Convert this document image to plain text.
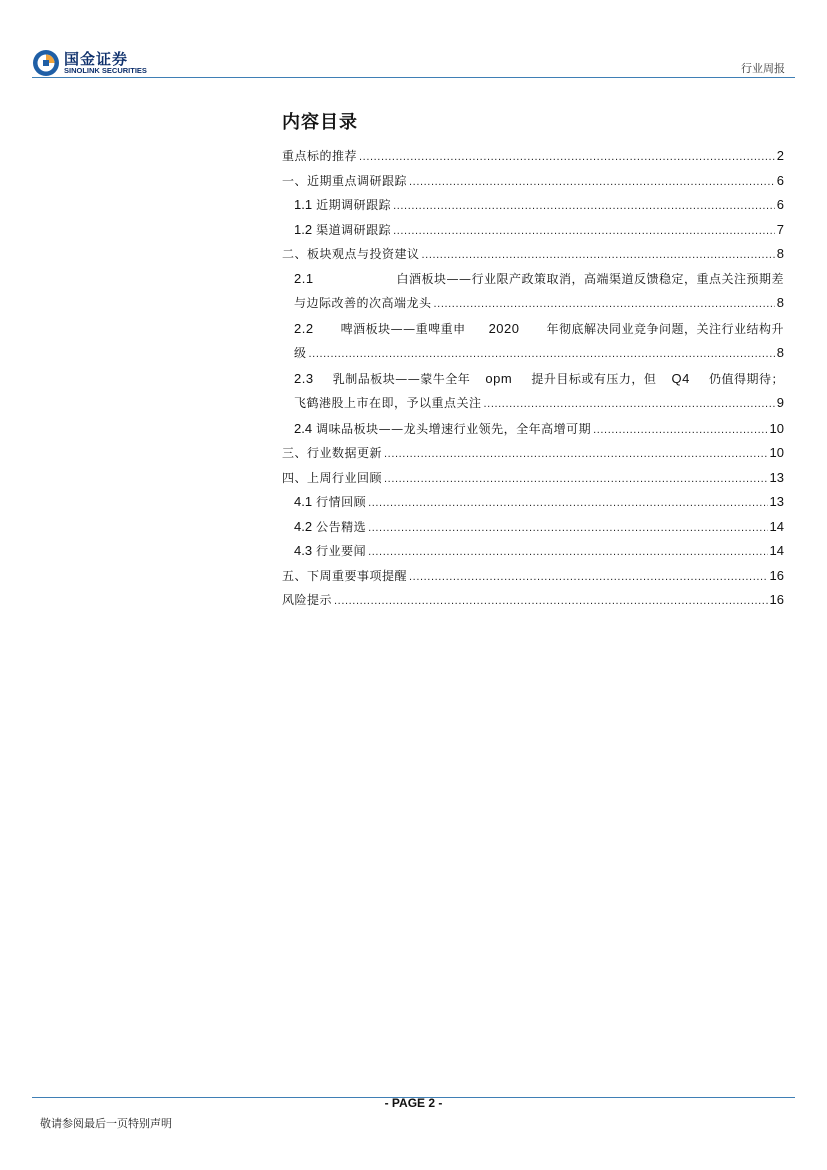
国金证券
SINOLINK SECURITIES	行业周报
内容目录
重点标的推荐 .....	2
一、近期重点调研跟踪 .....	6
1.1 近期调研跟踪 .....	6
1.2 渠道调研跟踪 .....	7
二、板块观点与投资建议 .....	8
2.1	白酒板块——行业限产政策取消，高端渠道反馈稳定，重点关注预期差
与边际改善的次高端龙头 .....	8
2.2 啤酒板块——重啤重申 2020 年彻底解决同业竞争问题，关注行业结构升
级 .....	8
2.3 乳制品板块——蒙牛全年 opm 提升目标或有压力，但 Q4 仍值得期待；
飞鹤港股上市在即，予以重点关注 .....	9
2.4 调味品板块——龙头增速行业领先，全年高增可期 .....	10
三、行业数据更新 .....	10
四、上周行业回顾 .....	13
4.1 行情回顾 .....	13
4.2 公告精选 .....	14
4.3 行业要闻 .....	14
五、下周重要事项提醒 .....	16
风险提示 .....	16
- PAGE 2 -
敬请参阅最后一页特别声明
